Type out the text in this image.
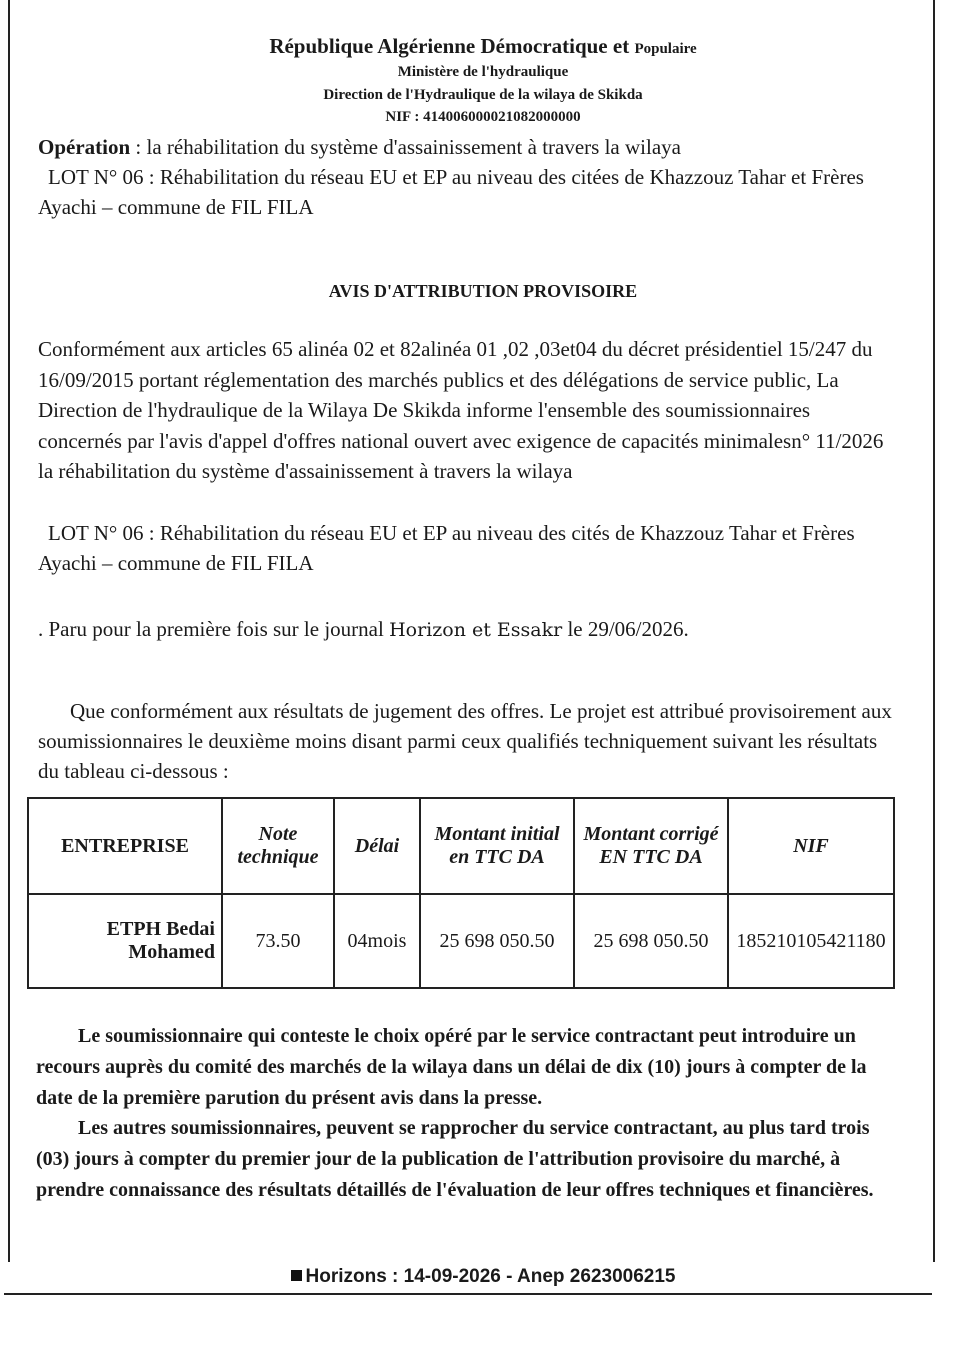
République Algérienne Démocratique et Populaire
Ministère de l'hydraulique
Direction de l'Hydraulique de la wilaya de Skikda
NIF : 414006000021082000000
Opération : la réhabilitation du système d'assainissement à travers la wilaya
LOT N° 06 : Réhabilitation du réseau EU et EP au niveau des citées de Khazzouz Tahar et Frères Ayachi – commune de FIL FILA
AVIS D'ATTRIBUTION PROVISOIRE
Conformément aux articles 65 alinéa 02 et 82alinéa 01 ,02 ,03et04 du décret présidentiel 15/247 du 16/09/2015 portant réglementation des marchés publics et des délégations de service public, La Direction de l'hydraulique de la Wilaya De Skikda informe l'ensemble des soumissionnaires concernés par l'avis d'appel d'offres national ouvert avec exigence de capacités minimalesn° 11/2026 la réhabilitation du système d'assainissement à travers la wilaya
LOT N° 06 : Réhabilitation du réseau EU et EP au niveau des cités de Khazzouz Tahar et Frères Ayachi – commune de FIL FILA
. Paru pour la première fois sur le journal Horizon et Essakr le 29/06/2026.
Que conformément aux résultats de jugement des offres. Le projet est attribué provisoirement aux soumissionnaires le deuxième moins disant parmi ceux qualifiés techniquement suivant les résultats du tableau ci-dessous :
ENTREPRISE	Note technique	Délai	Montant initial en TTC DA	Montant corrigé EN TTC DA	NIF
ETPH Bedai Mohamed	73.50	04mois	25 698 050.50	25 698 050.50	185210105421180
Le soumissionnaire qui conteste le choix opéré par le service contractant peut introduire un recours auprès du comité des marchés de la wilaya dans un délai de dix (10) jours à compter de la date de la première parution du présent avis dans la presse.
Les autres soumissionnaires, peuvent se rapprocher du service contractant, au plus tard trois (03) jours à compter du premier jour de la publication de l'attribution provisoire du marché, à prendre connaissance des résultats détaillés de l'évaluation de leur offres techniques et financières.
Horizons : 14-09-2026 - Anep 2623006215
